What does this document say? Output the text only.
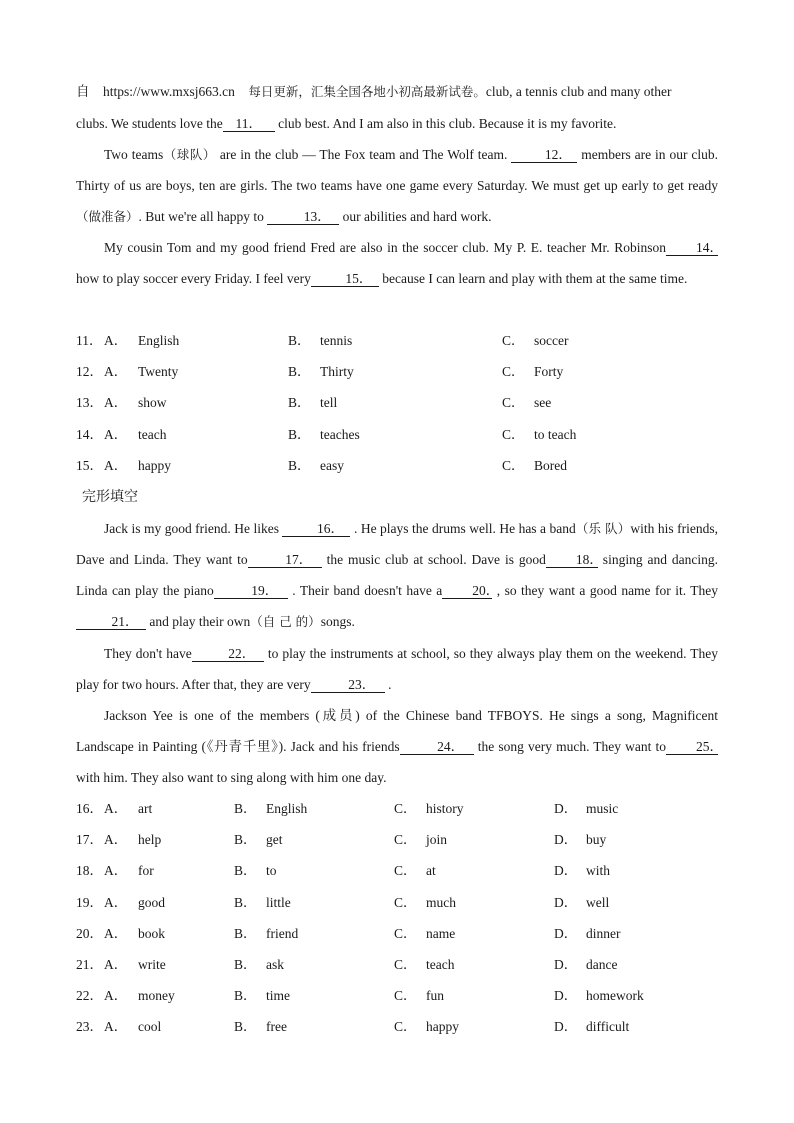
自 https://www.mxsj663.cn 每日更新，汇集全国各地小初高最新试卷。club, a tennis club and many other

clubs. We students love the 11． club best. And I am also in this club. Because it is my favorite.

Two teams（球队） are in the club — The Fox team and The Wolf team. 12． members are in our club. Thirty of us are boys, ten are girls. The two teams have one game every Saturday. We must get up early to get ready（做准备）. But we're all happy to	13． our abilities and hard work.

My cousin Tom and my good friend Fred are also in the soccer club. My P. E. teacher Mr. Robinson 14． how to play soccer every Friday. I feel very	15． because I can learn and play with them at the same time.

11． A． English	B． tennis	C． soccer
12． A． Twenty	B． Thirty	C． Forty
13． A． show	B． tell	C． see
14． A． teach	B． teaches	C． to teach
15． A． happy	B． easy	C． Bored
完形填空

Jack is my good friend. He likes	16． . He plays the drums well. He has a band（乐 队）with his friends, Dave and Linda. They want to	17． the music club at school. Dave is good 18． singing and dancing. Linda can play the piano	19． . Their band doesn't have a 20． , so they want a good name for it. They21． and play their own（自 己 的）songs.

They don't have	22． to play the instruments at school, so they always play them on the weekend. They play for two hours. After that, they are very	23． .

Jackson Yee is one of the members (成员) of the Chinese band TFBOYS. He sings a song, Magnificent Landscape in Painting (《丹青千里》). Jack and his friends	24． the song very much. They want to 25． with him. They also want to sing along with him one day.

16． A． art	B． English	C． history	D． music
17． A． help	B． get	C． join	D． buy
18． A． for	B． to	C． at	D． with
19． A． good	B． little	C． much	D． well
20． A． book	B． friend	C． name	D． dinner
21． A． write	B． ask	C． teach	D． dance
22． A． money	B． time	C． fun	D． homework
23． A． cool	B． free	C． happy	D． difficult
